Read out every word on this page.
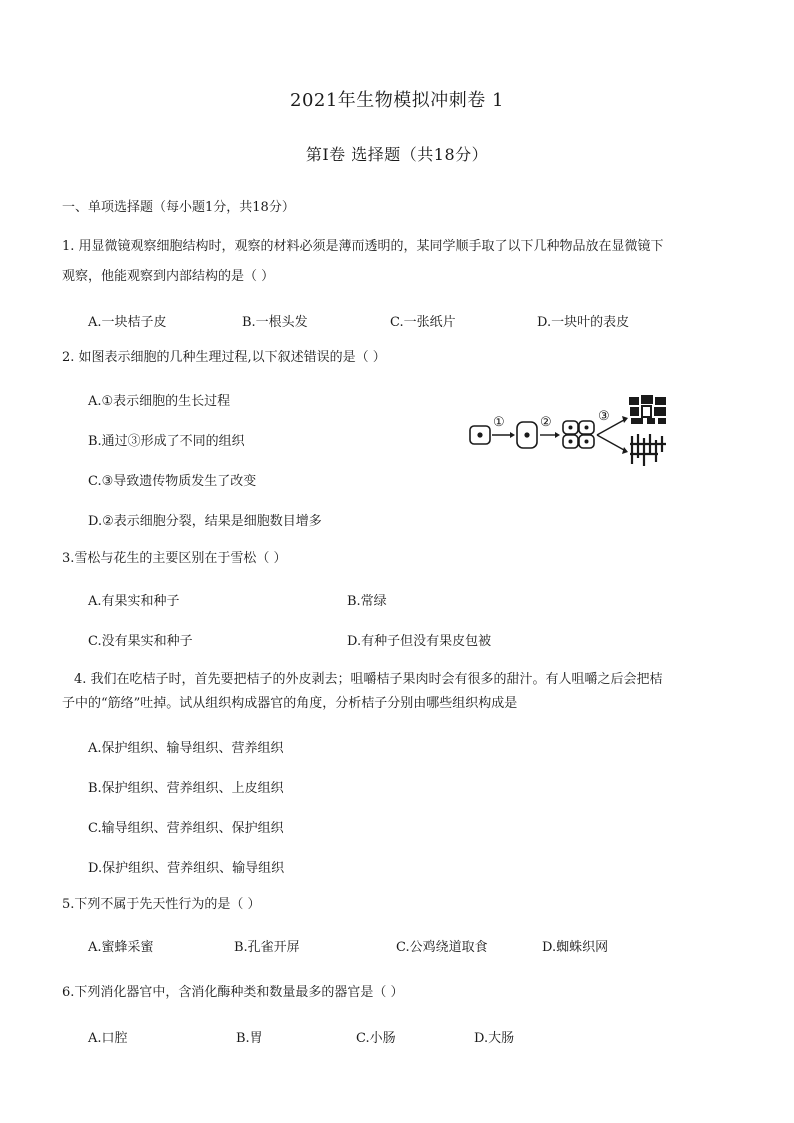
2021年生物模拟冲刺卷 1
第Ⅰ卷 选择题（共18分）
一、单项选择题（每小题1分，共18分）
1. 用显微镜观察细胞结构时，观察的材料必须是薄而透明的，某同学顺手取了以下几种物品放在显微镜下
观察，他能观察到内部结构的是（ ）
A.一块桔子皮	B.一根头发	C.一张纸片	D.一块叶的表皮
2. 如图表示细胞的几种生理过程,以下叙述错误的是（ ）
A.①表示细胞的生长过程
B.通过③形成了不同的组织
C.③导致遗传物质发生了改变
D.②表示细胞分裂，结果是细胞数目增多
①	②	③
3.雪松与花生的主要区别在于雪松（ ）
A.有果实和种子	B.常绿
C.没有果实和种子	D.有种子但没有果皮包被
4. 我们在吃桔子时，首先要把桔子的外皮剥去；咀嚼桔子果肉时会有很多的甜汁。有人咀嚼之后会把桔
子中的“筋络”吐掉。试从组织构成器官的角度，分析桔子分别由哪些组织构成是
A.保护组织、输导组织、营养组织
B.保护组织、营养组织、上皮组织
C.输导组织、营养组织、保护组织
D.保护组织、营养组织、输导组织
5.下列不属于先天性行为的是（ ）
A.蜜蜂采蜜	B.孔雀开屏	C.公鸡绕道取食	D.蜘蛛织网
6.下列消化器官中，含消化酶种类和数量最多的器官是（ ）
A.口腔	B.胃	C.小肠	D.大肠
